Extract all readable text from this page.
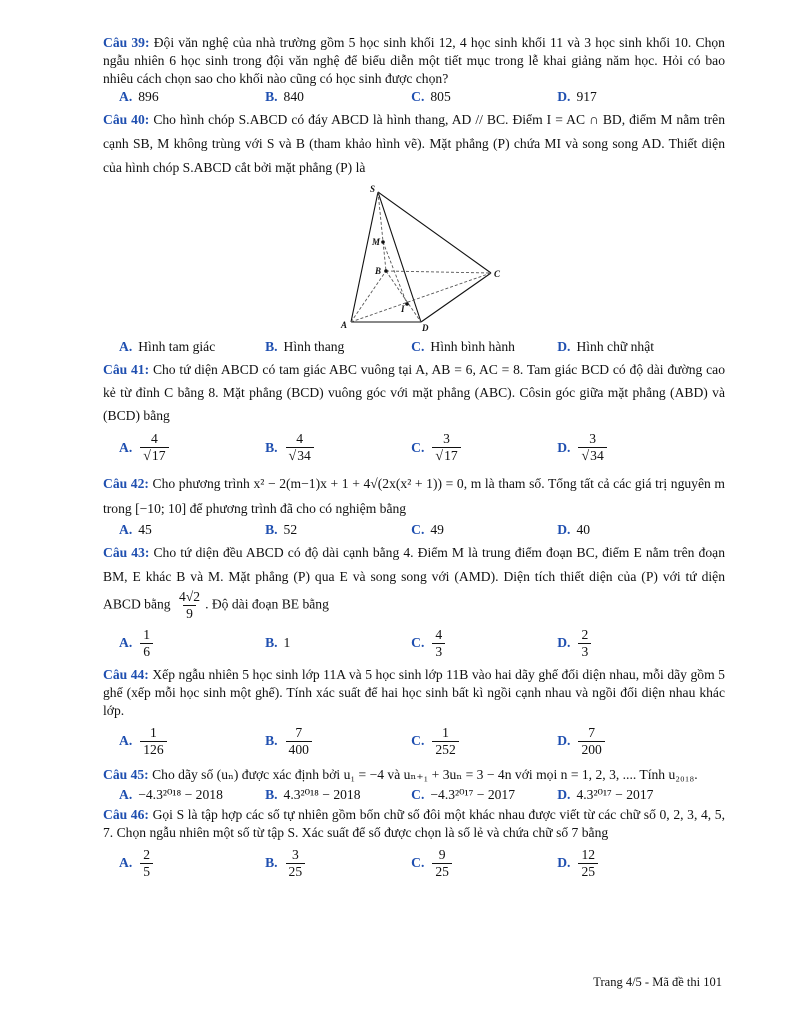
Câu 39: Đội văn nghệ của nhà trường gồm 5 học sinh khối 12, 4 học sinh khối 11 và 3 học sinh khối 10. Chọn ngẫu nhiên 6 học sinh trong đội văn nghệ để biểu diễn một tiết mục trong lễ khai giảng năm học. Hỏi có bao nhiêu cách chọn sao cho khối nào cũng có học sinh được chọn?

A. 896	B. 840	C. 805	D. 917

Câu 40: Cho hình chóp S.ABCD có đáy ABCD là hình thang, AD // BC. Điểm I = AC ∩ BD, điểm M nằm trên cạnh SB, M không trùng với S và B (tham khảo hình vẽ). Mặt phẳng (P) chứa MI và song song AD. Thiết diện của hình chóp S.ABCD cắt bởi mặt phẳng (P) là

S
M
B	C
I
A	D
A. Hình tam giác	B. Hình thang	C. Hình bình hành	D. Hình chữ nhật

Câu 41: Cho tứ diện ABCD có tam giác ABC vuông tại A, AB = 6, AC = 8. Tam giác BCD có độ dài đường cao kẻ từ đỉnh C bằng 8. Mặt phẳng (BCD) vuông góc với mặt phẳng (ABC). Côsin góc giữa mặt phẳng (ABD) và (BCD) bằng

A. $\frac{4}{√17}$	B. $\frac{4}{√34}$	C. $\frac{3}{√17}$	D. $\frac{3}{√34}$

Câu 42: Cho phương trình x² − 2(m−1)x + 1 + 4√(2x(x² + 1)) = 0, m là tham số. Tổng tất cả các giá trị nguyên m trong [−10; 10] để phương trình đã cho có nghiệm bằng

A. 45	B. 52	C. 49	D. 40

Câu 43: Cho tứ diện đều ABCD có độ dài cạnh bằng 4. Điểm M là trung điểm đoạn BC, điểm E nằm trên đoạn BM, E khác B và M. Mặt phẳng (P) qua E và song song với (AMD). Diện tích thiết diện của (P) với tứ diện ABCD bằng $\frac{4√2}{9}$ . Độ dài đoạn BE bằng

A. $\frac{1}{6}$	B. 1	C. $\frac{4}{3}$	D. $\frac{2}{3}$

Câu 44: Xếp ngẫu nhiên 5 học sinh lớp 11A và 5 học sinh lớp 11B vào hai dãy ghế đối diện nhau, mỗi dãy gồm 5 ghế (xếp mỗi học sinh một ghế). Tính xác suất để hai học sinh bất kì ngồi cạnh nhau và ngồi đối diện nhau khác lớp.

A. $\frac{1}{126}$	B. $\frac{7}{400}$	C. $\frac{1}{252}$	D. $\frac{7}{200}$

Câu 45: Cho dãy số (uₙ) được xác định bởi u₁ = −4 và uₙ₊₁ + 3uₙ = 3 − 4n với mọi n = 1, 2, 3, .... Tính u₂₀₁₈.

A. −4.3²⁰¹⁸ − 2018	B. 4.3²⁰¹⁸ − 2018	C. −4.3²⁰¹⁷ − 2017	D. 4.3²⁰¹⁷ − 2017

Câu 46: Gọi S là tập hợp các số tự nhiên gồm bốn chữ số đôi một khác nhau được viết từ các chữ số 0, 2, 3, 4, 5, 7. Chọn ngẫu nhiên một số từ tập S. Xác suất để số được chọn là số lẻ và chứa chữ số 7 bằng

A. $\frac{2}{5}$	B. $\frac{3}{25}$	C. $\frac{9}{25}$	D. $\frac{12}{25}$
Trang 4/5 - Mã đề thi 101
